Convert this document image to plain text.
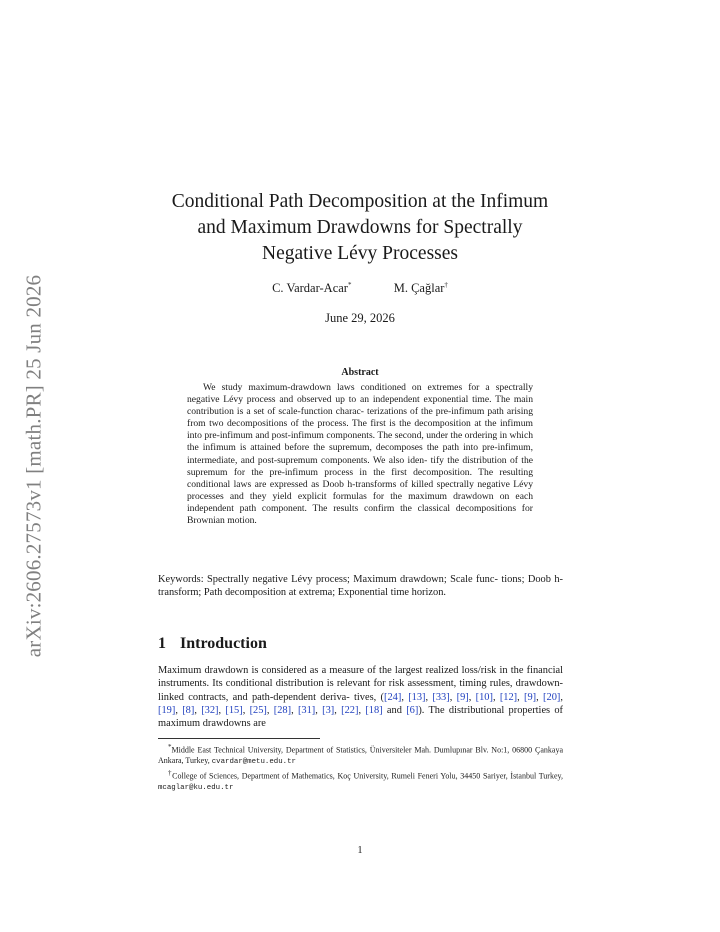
arXiv:2606.27573v1 [math.PR] 25 Jun 2026
Conditional Path Decomposition at the Infimum
and Maximum Drawdowns for Spectrally
Negative Lévy Processes
C. Vardar-Acar*	M. Çağlar†
June 29, 2026
Abstract
We study maximum-drawdown laws conditioned on extremes for a spectrally negative Lévy process and observed up to an independent exponential time. The main contribution is a set of scale-function charac- terizations of the pre-infimum path arising from two decompositions of the process. The first is the decomposition at the infimum into pre-infimum and post-infimum components. The second, under the ordering in which the infimum is attained before the supremum, decomposes the path into pre-infimum, intermediate, and post-supremum components. We also iden- tify the distribution of the supremum for the pre-infimum process in the first decomposition. The resulting conditional laws are expressed as Doob h-transforms of killed spectrally negative Lévy processes and they yield explicit formulas for the maximum drawdown on each independent path component. The results confirm the classical decompositions for Brownian motion.
Keywords: Spectrally negative Lévy process; Maximum drawdown; Scale func- tions; Doob h-transform; Path decomposition at extrema; Exponential time horizon.
1 Introduction
Maximum drawdown is considered as a measure of the largest realized loss/risk in the financial instruments. Its conditional distribution is relevant for risk assessment, timing rules, drawdown-linked contracts, and path-dependent deriva- tives, ([24], [13], [33], [9], [10], [12], [9], [20], [19], [8], [32], [15], [25], [28], [31], [3], [22], [18] and [6]). The distributional properties of maximum drawdowns are

*Middle East Technical University, Department of Statistics, Üniversiteler Mah. Dumlupınar Blv. No:1, 06800 Çankaya Ankara, Turkey, cvardar@metu.edu.tr

†College of Sciences, Department of Mathematics, Koç University, Rumeli Feneri Yolu, 34450 Sariyer, İstanbul Turkey, mcaglar@ku.edu.tr

1
